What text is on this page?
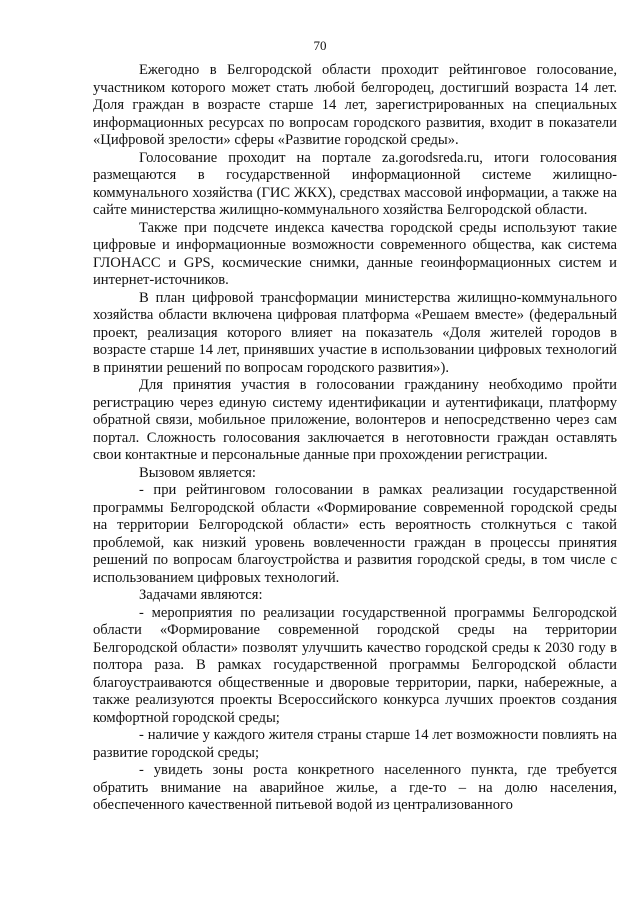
70

Ежегодно в Белгородской области проходит рейтинговое голосование, участником которого может стать любой белгородец, достигший возраста 14 лет. Доля граждан в возрасте старше 14 лет, зарегистрированных на специальных информационных ресурсах по вопросам городского развития, входит в показатели «Цифровой зрелости» сферы «Развитие городской среды».

Голосование проходит на портале za.gorodsreda.ru, итоги голосования размещаются в государственной информационной системе жилищно-коммунального хозяйства (ГИС ЖКХ), средствах массовой информации, а также на сайте министерства жилищно-коммунального хозяйства Белгородской области.

Также при подсчете индекса качества городской среды используют такие цифровые и информационные возможности современного общества, как система ГЛОНАСС и GPS, космические снимки, данные геоинформационных систем и интернет-источников.

В план цифровой трансформации министерства жилищно-коммунального хозяйства области включена цифровая платформа «Решаем вместе» (федеральный проект, реализация которого влияет на показатель «Доля жителей городов в возрасте старше 14 лет, принявших участие в использовании цифровых технологий в принятии решений по вопросам городского развития»).

Для принятия участия в голосовании гражданину необходимо пройти регистрацию через единую систему идентификации и аутентификаци, платформу обратной связи, мобильное приложение, волонтеров и непосредственно через сам портал. Сложность голосования заключается в неготовности граждан оставлять свои контактные и персональные данные при прохождении регистрации.

Вызовом является:

- при рейтинговом голосовании в рамках реализации государственной программы Белгородской области «Формирование современной городской среды на территории Белгородской области» есть вероятность столкнуться с такой проблемой, как низкий уровень вовлеченности граждан в процессы принятия решений по вопросам благоустройства и развития городской среды, в том числе с использованием цифровых технологий.

Задачами являются:

- мероприятия по реализации государственной программы Белгородской области «Формирование современной городской среды на территории Белгородской области» позволят улучшить качество городской среды к 2030 году в полтора раза. В рамках государственной программы Белгородской области благоустраиваются общественные и дворовые территории, парки, набережные, а также реализуются проекты Всероссийского конкурса лучших проектов создания комфортной городской среды;

- наличие у каждого жителя страны старше 14 лет возможности повлиять на развитие городской среды;

- увидеть зоны роста конкретного населенного пункта, где требуется обратить внимание на аварийное жилье, а где-то – на долю населения, обеспеченного качественной питьевой водой из централизованного
